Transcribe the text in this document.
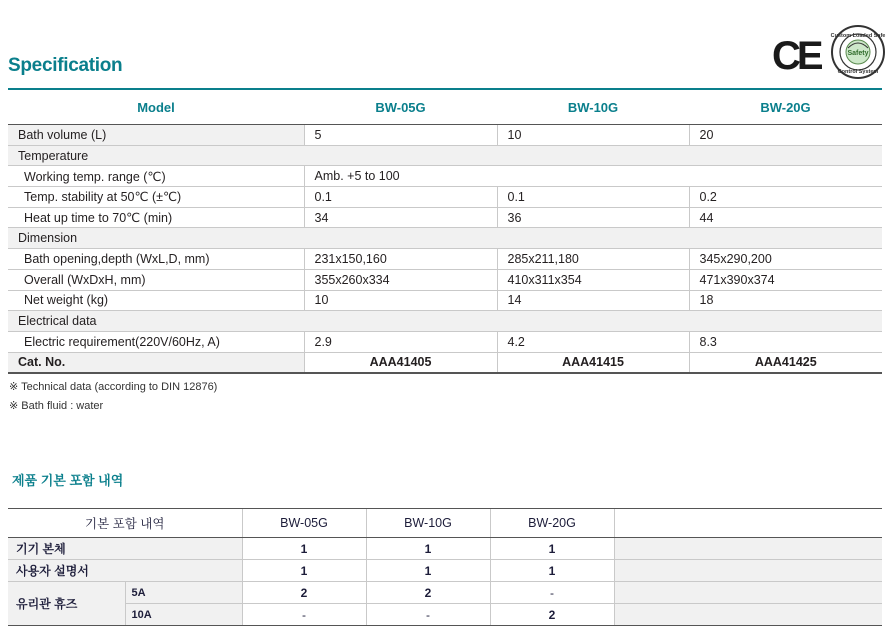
Specification	CE Custom Loaded Safe
Safety
Control System
Model	BW-05G	BW-10G	BW-20G
Bath volume (L)	5	10	20
Temperature			
Working temp. range (℃)	Amb. +5 to 100		
Temp. stability at 50℃ (±℃)	0.1	0.1	0.2
Heat up time to 70℃ (min)	34	36	44
Dimension			
Bath opening,depth (WxL,D, mm)	231x150,160	285x211,180	345x290,200
Overall (WxDxH, mm)	355x260x334	410x311x354	471x390x374
Net weight (kg)	10	14	18
Electrical data			
Electric requirement(220V/60Hz, A)	2.9	4.2	8.3
Cat. No.	AAA41405	AAA41415	AAA41425
※ Technical data (according to DIN 12876)
※ Bath fluid : water
제품 기본 포함 내역
기본 포함 내역		BW-05G	BW-10G	BW-20G	
기기 본체		1	1	1	
사용자 설명서		1	1	1	
유리관 휴즈	5A	2	2	-	
	10A	-	-	2	
